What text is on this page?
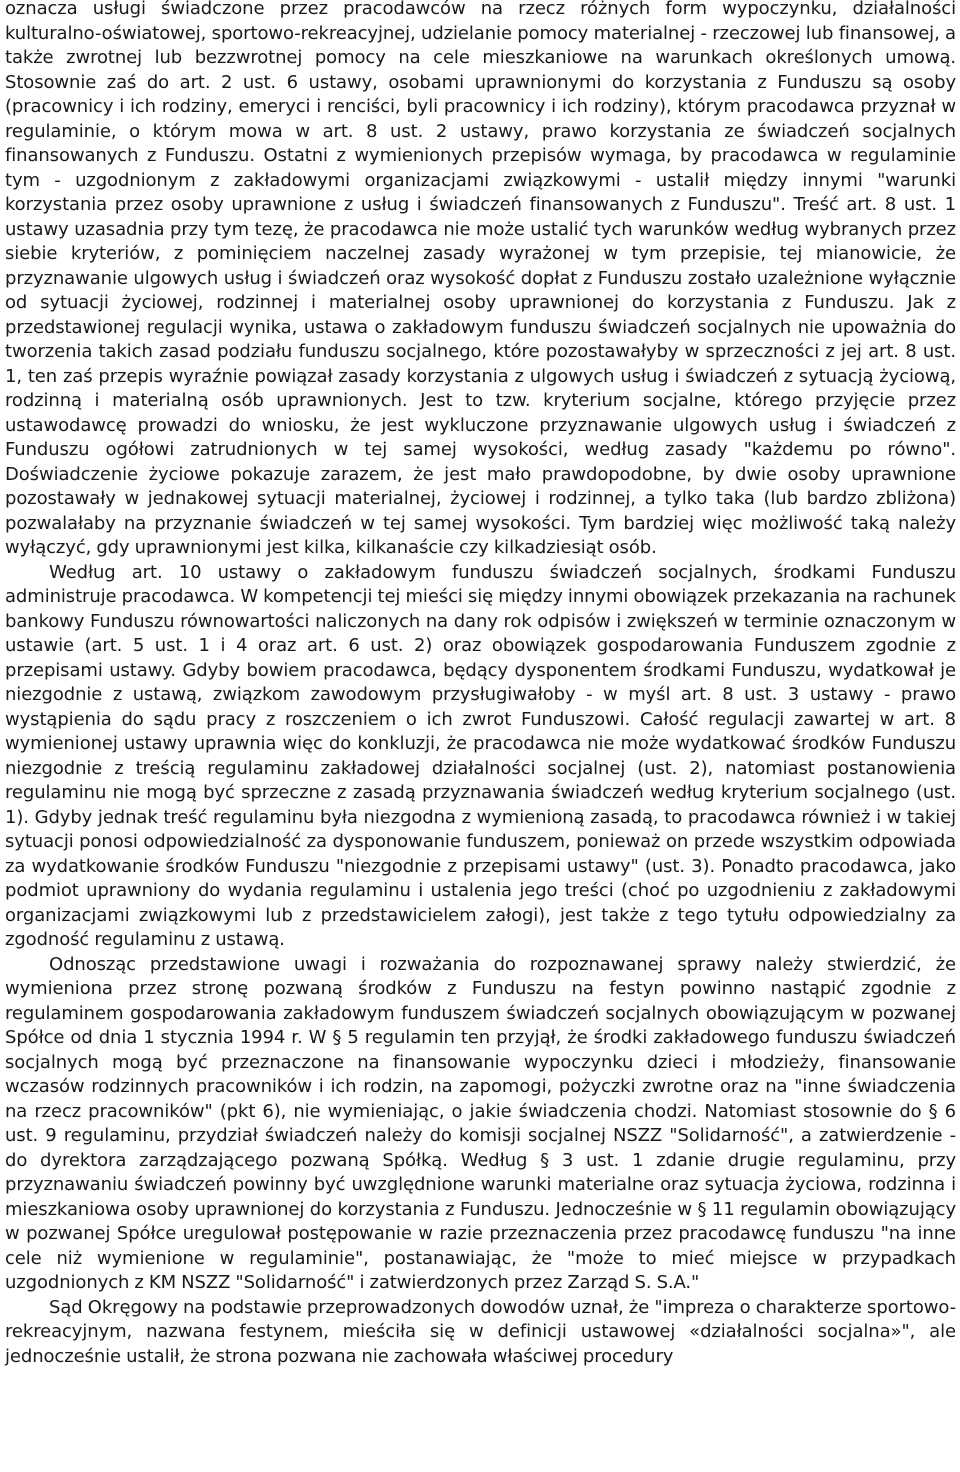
oznacza usługi świadczone przez pracodawców na rzecz różnych form wypoczynku, działalności kulturalno-oświatowej, sportowo-rekreacyjnej, udzielanie pomocy materialnej - rzeczowej lub finansowej, a także zwrotnej lub bezzwrotnej pomocy na cele mieszkaniowe na warunkach określonych umową. Stosownie zaś do art. 2 ust. 6 ustawy, osobami uprawnionymi do korzystania z Funduszu są osoby (pracownicy i ich rodziny, emeryci i renciści, byli pracownicy i ich rodziny), którym pracodawca przyznał w regulaminie, o którym mowa w art. 8 ust. 2 ustawy, prawo korzystania ze świadczeń socjalnych finansowanych z Funduszu. Ostatni z wymienionych przepisów wymaga, by pracodawca w regulaminie tym - uzgodnionym z zakładowymi organizacjami związkowymi - ustalił między innymi "warunki korzystania przez osoby uprawnione z usług i świadczeń finansowanych z Funduszu". Treść art. 8 ust. 1 ustawy uzasadnia przy tym tezę, że pracodawca nie może ustalić tych warunków według wybranych przez siebie kryteriów, z pominięciem naczelnej zasady wyrażonej w tym przepisie, tej mianowicie, że przyznawanie ulgowych usług i świadczeń oraz wysokość dopłat z Funduszu zostało uzależnione wyłącznie od sytuacji życiowej, rodzinnej i materialnej osoby uprawnionej do korzystania z Funduszu. Jak z przedstawionej regulacji wynika, ustawa o zakładowym funduszu świadczeń socjalnych nie upoważnia do tworzenia takich zasad podziału funduszu socjalnego, które pozostawałyby w sprzeczności z jej art. 8 ust. 1, ten zaś przepis wyraźnie powiązał zasady korzystania z ulgowych usług i świadczeń z sytuacją życiową, rodzinną i materialną osób uprawnionych. Jest to tzw. kryterium socjalne, którego przyjęcie przez ustawodawcę prowadzi do wniosku, że jest wykluczone przyznawanie ulgowych usług i świadczeń z Funduszu ogółowi zatrudnionych w tej samej wysokości, według zasady "każdemu po równo". Doświadczenie życiowe pokazuje zarazem, że jest mało prawdopodobne, by dwie osoby uprawnione pozostawały w jednakowej sytuacji materialnej, życiowej i rodzinnej, a tylko taka (lub bardzo zbliżona) pozwalałaby na przyznanie świadczeń w tej samej wysokości. Tym bardziej więc możliwość taką należy wyłączyć, gdy uprawnionymi jest kilka, kilkanaście czy kilkadziesiąt osób.

Według art. 10 ustawy o zakładowym funduszu świadczeń socjalnych, środkami Funduszu administruje pracodawca. W kompetencji tej mieści się między innymi obowiązek przekazania na rachunek bankowy Funduszu równowartości naliczonych na dany rok odpisów i zwiększeń w terminie oznaczonym w ustawie (art. 5 ust. 1 i 4 oraz art. 6 ust. 2) oraz obowiązek gospodarowania Funduszem zgodnie z przepisami ustawy. Gdyby bowiem pracodawca, będący dysponentem środkami Funduszu, wydatkował je niezgodnie z ustawą, związkom zawodowym przysługiwałoby - w myśl art. 8 ust. 3 ustawy - prawo wystąpienia do sądu pracy z roszczeniem o ich zwrot Funduszowi. Całość regulacji zawartej w art. 8 wymienionej ustawy uprawnia więc do konkluzji, że pracodawca nie może wydatkować środków Funduszu niezgodnie z treścią regulaminu zakładowej działalności socjalnej (ust. 2), natomiast postanowienia regulaminu nie mogą być sprzeczne z zasadą przyznawania świadczeń według kryterium socjalnego (ust. 1). Gdyby jednak treść regulaminu była niezgodna z wymienioną zasadą, to pracodawca również i w takiej sytuacji ponosi odpowiedzialność za dysponowanie funduszem, ponieważ on przede wszystkim odpowiada za wydatkowanie środków Funduszu "niezgodnie z przepisami ustawy" (ust. 3). Ponadto pracodawca, jako podmiot uprawniony do wydania regulaminu i ustalenia jego treści (choć po uzgodnieniu z zakładowymi organizacjami związkowymi lub z przedstawicielem załogi), jest także z tego tytułu odpowiedzialny za zgodność regulaminu z ustawą.

Odnosząc przedstawione uwagi i rozważania do rozpoznawanej sprawy należy stwierdzić, że wymieniona przez stronę pozwaną środków z Funduszu na festyn powinno nastąpić zgodnie z regulaminem gospodarowania zakładowym funduszem świadczeń socjalnych obowiązującym w pozwanej Spółce od dnia 1 stycznia 1994 r. W § 5 regulamin ten przyjął, że środki zakładowego funduszu świadczeń socjalnych mogą być przeznaczone na finansowanie wypoczynku dzieci i młodzieży, finansowanie wczasów rodzinnych pracowników i ich rodzin, na zapomogi, pożyczki zwrotne oraz na "inne świadczenia na rzecz pracowników" (pkt 6), nie wymieniając, o jakie świadczenia chodzi. Natomiast stosownie do § 6 ust. 9 regulaminu, przydział świadczeń należy do komisji socjalnej NSZZ "Solidarność", a zatwierdzenie - do dyrektora zarządzającego pozwaną Spółką. Według § 3 ust. 1 zdanie drugie regulaminu, przy przyznawaniu świadczeń powinny być uwzględnione warunki materialne oraz sytuacja życiowa, rodzinna i mieszkaniowa osoby uprawnionej do korzystania z Funduszu. Jednocześnie w § 11 regulamin obowiązujący w pozwanej Spółce uregulował postępowanie w razie przeznaczenia przez pracodawcę funduszu "na inne cele niż wymienione w regulaminie", postanawiając, że "może to mieć miejsce w przypadkach uzgodnionych z KM NSZZ "Solidarność" i zatwierdzonych przez Zarząd S. S.A."

Sąd Okręgowy na podstawie przeprowadzonych dowodów uznał, że "impreza o charakterze sportowo-rekreacyjnym, nazwana festynem, mieściła się w definicji ustawowej «działalności socjalna»", ale jednocześnie ustalił, że strona pozwana nie zachowała właściwej procedury
